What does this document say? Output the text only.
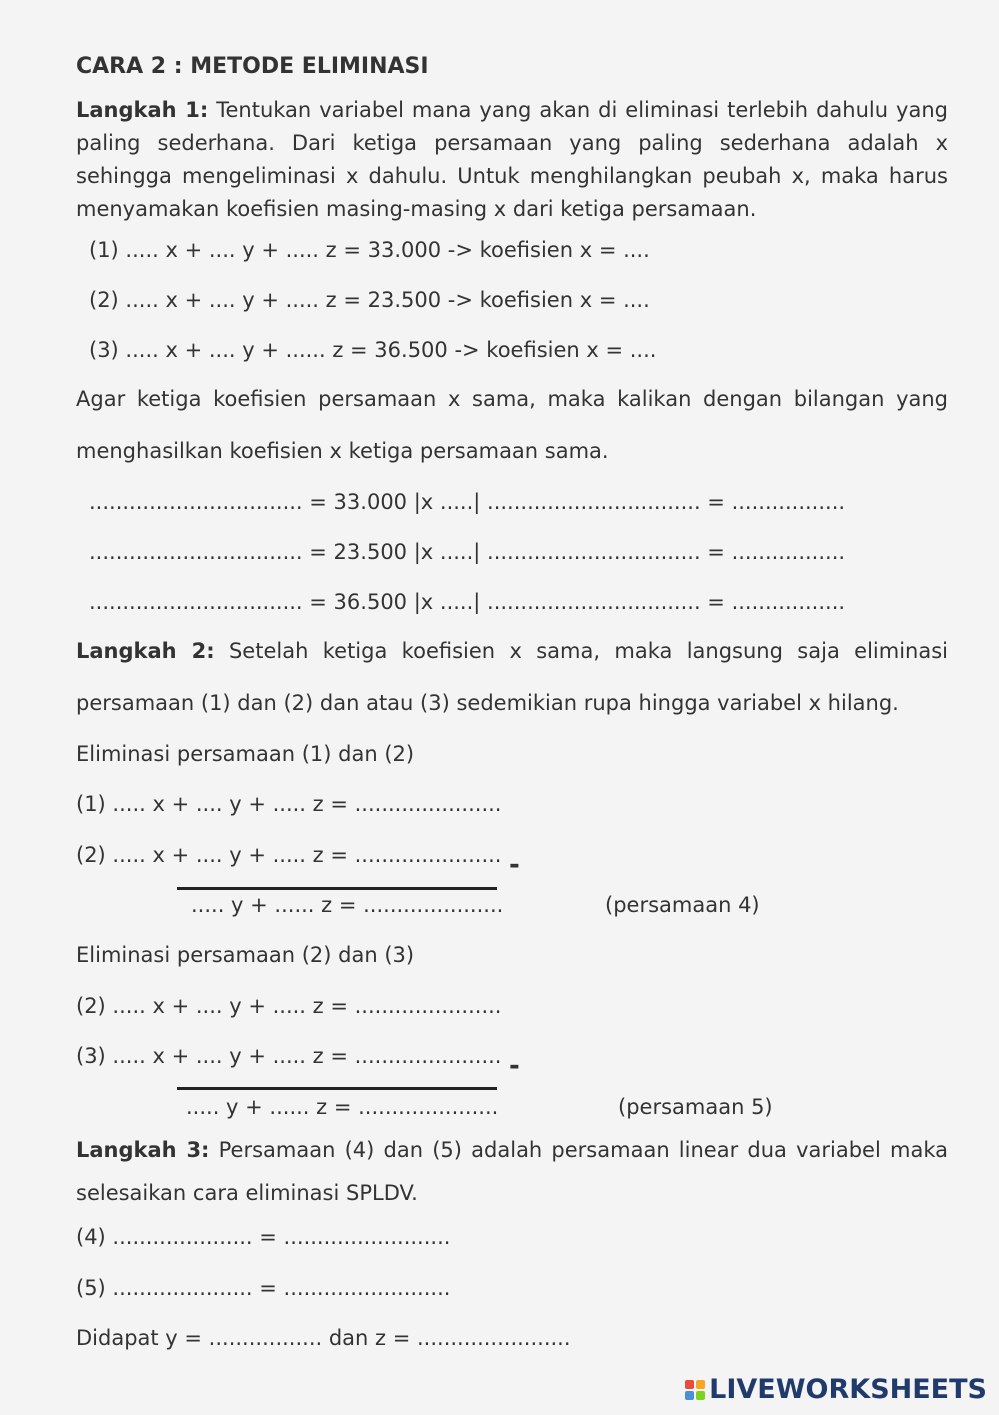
CARA 2 : METODE ELIMINASI
Langkah 1: Tentukan variabel mana yang akan di eliminasi terlebih dahulu yang paling sederhana. Dari ketiga persamaan yang paling sederhana adalah x sehingga mengeliminasi x dahulu. Untuk menghilangkan peubah x, maka harus menyamakan koefisien masing-masing x dari ketiga persamaan.
(1) ..... x + .... y + ..... z = 33.000 -> koefisien x = ....
(2) ..... x + .... y + ..... z = 23.500 -> koefisien x = ....
(3) ..... x + .... y + ...... z = 36.500 -> koefisien x = ....
Agar ketiga koefisien persamaan x sama, maka kalikan dengan bilangan yang
menghasilkan koefisien x ketiga persamaan sama.
................................ = 33.000 |x .....| ................................ = .................
................................ = 23.500 |x .....| ................................ = .................
................................ = 36.500 |x .....| ................................ = .................
Langkah 2: Setelah ketiga koefisien x sama, maka langsung saja eliminasi
persamaan (1) dan (2) dan atau (3) sedemikian rupa hingga variabel x hilang.
Eliminasi persamaan (1) dan (2)
(1) ..... x + .... y + ..... z = ......................
(2) ..... x + .... y + ..... z = ...................... -
..... y + ...... z = .....................	(persamaan 4)
Eliminasi persamaan (2) dan (3)
(2) ..... x + .... y + ..... z = ......................
(3) ..... x + .... y + ..... z = ...................... -
..... y + ...... z = .....................	(persamaan 5)
Langkah 3: Persamaan (4) dan (5) adalah persamaan linear dua variabel maka
selesaikan cara eliminasi SPLDV.
(4) ..................... = .........................
(5) ..................... = .........................
Didapat y = ................. dan z = .......................
LIVEWORKSHEETS
